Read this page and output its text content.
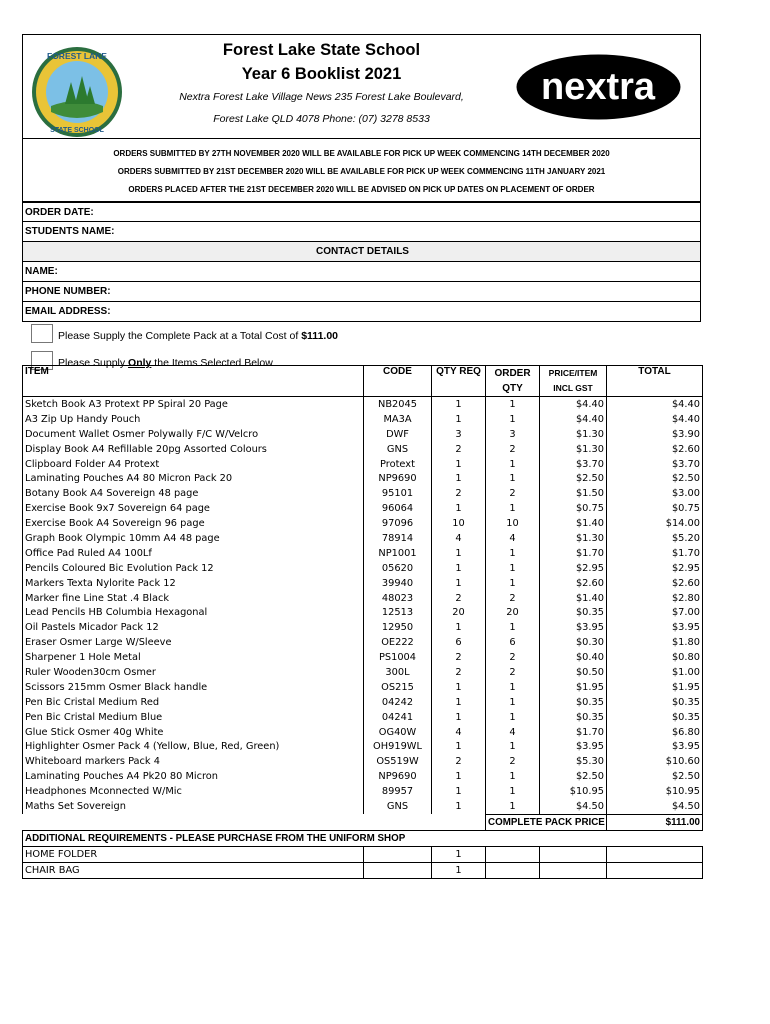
FOREST LAKE
STATE SCHOOL
Forest Lake State School
Year 6 Booklist 2021
Nextra Forest Lake Village News 235 Forest Lake Boulevard,
Forest Lake QLD 4078 Phone: (07) 3278 8533
nextra
ORDERS SUBMITTED BY 27TH NOVEMBER 2020 WILL BE AVAILABLE FOR PICK UP WEEK COMMENCING 14TH DECEMBER 2020
ORDERS SUBMITTED BY 21ST DECEMBER 2020 WILL BE AVAILABLE FOR PICK UP WEEK COMMENCING 11TH JANUARY 2021
ORDERS PLACED AFTER THE 21ST DECEMBER 2020 WILL BE ADVISED ON PICK UP DATES ON PLACEMENT OF ORDER
ORDER DATE:
STUDENTS NAME:
CONTACT DETAILS
NAME:
PHONE NUMBER:
EMAIL ADDRESS:
Please Supply the Complete Pack at a Total Cost of $111.00
Please Supply Only the Items Selected Below
ITEM	CODE	QTY REQ	ORDER QTY	PRICE/ITEM INCL GST	TOTAL
Sketch Book A3 Protext PP Spiral 20 Page	NB2045	1	1	$4.40	$4.40
A3 Zip Up Handy Pouch	MA3A	1	1	$4.40	$4.40
Document Wallet Osmer Polywally F/C W/Velcro	DWF	3	3	$1.30	$3.90
Display Book A4 Refillable 20pg Assorted Colours	GNS	2	2	$1.30	$2.60
Clipboard Folder A4 Protext	Protext	1	1	$3.70	$3.70
Laminating Pouches A4 80 Micron Pack 20	NP9690	1	1	$2.50	$2.50
Botany Book A4 Sovereign 48 page	95101	2	2	$1.50	$3.00
Exercise Book 9x7 Sovereign 64 page	96064	1	1	$0.75	$0.75
Exercise Book A4 Sovereign 96 page	97096	10	10	$1.40	$14.00
Graph Book Olympic 10mm A4 48 page	78914	4	4	$1.30	$5.20
Office Pad Ruled A4 100Lf	NP1001	1	1	$1.70	$1.70
Pencils Coloured Bic Evolution Pack 12	05620	1	1	$2.95	$2.95
Markers Texta Nylorite Pack 12	39940	1	1	$2.60	$2.60
Marker fine Line Stat .4 Black	48023	2	2	$1.40	$2.80
Lead Pencils HB Columbia Hexagonal	12513	20	20	$0.35	$7.00
Oil Pastels Micador Pack 12	12950	1	1	$3.95	$3.95
Eraser Osmer Large W/Sleeve	OE222	6	6	$0.30	$1.80
Sharpener 1 Hole Metal	PS1004	2	2	$0.40	$0.80
Ruler Wooden30cm Osmer	300L	2	2	$0.50	$1.00
Scissors 215mm Osmer Black handle	OS215	1	1	$1.95	$1.95
Pen Bic Cristal Medium Red	04242	1	1	$0.35	$0.35
Pen Bic Cristal Medium Blue	04241	1	1	$0.35	$0.35
Glue Stick Osmer 40g White	OG40W	4	4	$1.70	$6.80
Highlighter Osmer Pack 4 (Yellow, Blue, Red, Green)	OH919WL	1	1	$3.95	$3.95
Whiteboard markers Pack 4	OS519W	2	2	$5.30	$10.60
Laminating Pouches A4 Pk20 80 Micron	NP9690	1	1	$2.50	$2.50
Headphones Mconnected W/Mic	89957	1	1	$10.95	$10.95
Maths Set Sovereign	GNS	1	1	$4.50	$4.50
			COMPLETE PACK PRICE		$111.00
ADDITIONAL REQUIREMENTS - PLEASE PURCHASE FROM THE UNIFORM SHOP					
HOME FOLDER		1			
CHAIR BAG		1			
